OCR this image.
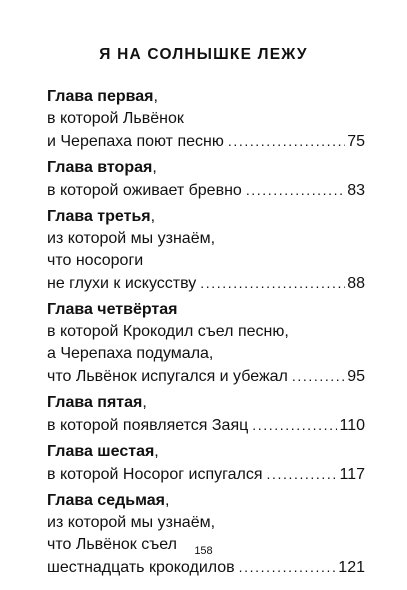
Я НА СОЛНЫШКЕ ЛЕЖУ
Глава первая,
в которой Львёнок
и Черепаха поют песню .....	75
Глава вторая,
в которой оживает бревно .....	83
Глава третья,
из которой мы узнаём,
что носороги
не глухи к искусству .....	88
Глава четвёртая
в которой Крокодил съел песню,
а Черепаха подумала,
что Львёнок испугался и убежал .....	95
Глава пятая,
в которой появляется Заяц .....	110
Глава шестая,
в которой Носорог испугался .....	117
Глава седьмая,
из которой мы узнаём,
что Львёнок съел
шестнадцать крокодилов .....	121
158
